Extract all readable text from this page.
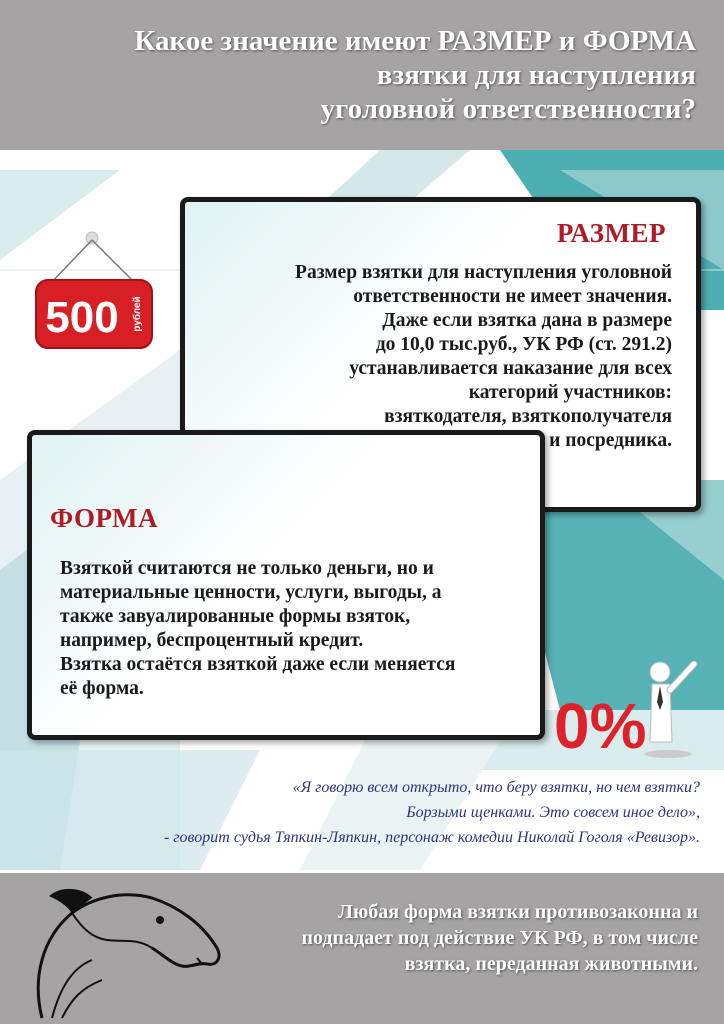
Какое значение имеют РАЗМЕР и ФОРМА
взятки для наступления
уголовной ответственности?
500 рублей
РАЗМЕР
Размер взятки для наступления уголовной
ответственности не имеет значения.
Даже если взятка дана в размере
до 10,0 тыс.руб., УК РФ (ст. 291.2)
устанавливается наказание для всех
категорий участников:
взяткодателя, взяткополучателя
и посредника.
ФОРМА
Взяткой считаются не только деньги, но и
материальные ценности, услуги, выгоды, а
также завуалированные формы взяток,
например, беспроцентный кредит.
Взятка остаётся взяткой даже если меняется
её форма.
0%
«Я говорю всем открыто, что беру взятки, но чем взятки?
Борзыми щенками. Это совсем иное дело»,
- говорит судья Тяпкин-Ляпкин, персонаж комедии Николай Гоголя «Ревизор».
Любая форма взятки противозаконна и
подпадает под действие УК РФ, в том числе
взятка, переданная животными.
